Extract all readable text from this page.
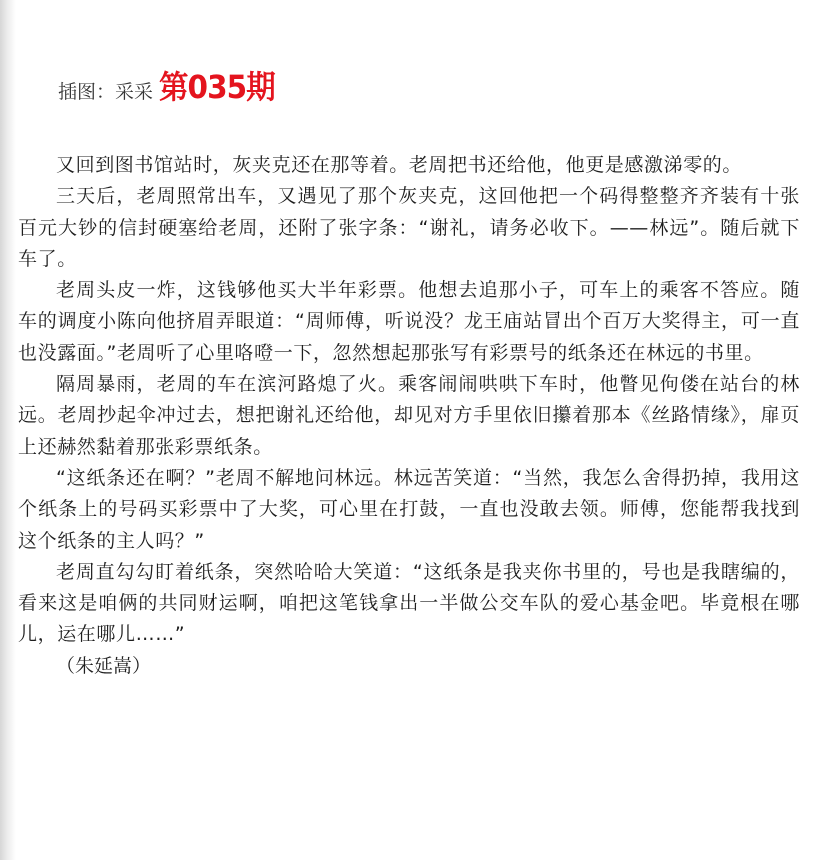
插图：采采 第035期

又回到图书馆站时，灰夹克还在那等着。老周把书还给他，他更是感激涕零的。

三天后，老周照常出车，又遇见了那个灰夹克，这回他把一个码得整整齐齐装有十张百元大钞的信封硬塞给老周，还附了张字条：“谢礼，请务必收下。——林远”。随后就下车了。

老周头皮一炸，这钱够他买大半年彩票。他想去追那小子，可车上的乘客不答应。随车的调度小陈向他挤眉弄眼道：“周师傅，听说没？龙王庙站冒出个百万大奖得主，可一直也没露面。”老周听了心里咯噔一下，忽然想起那张写有彩票号的纸条还在林远的书里。

隔周暴雨，老周的车在滨河路熄了火。乘客闹闹哄哄下车时，他瞥见佝偻在站台的林远。老周抄起伞冲过去，想把谢礼还给他，却见对方手里依旧攥着那本《丝路情缘》，扉页上还赫然黏着那张彩票纸条。

“这纸条还在啊？”老周不解地问林远。林远苦笑道：“当然，我怎么舍得扔掉，我用这个纸条上的号码买彩票中了大奖，可心里在打鼓，一直也没敢去领。师傅，您能帮我找到这个纸条的主人吗？”

老周直勾勾盯着纸条，突然哈哈大笑道：“这纸条是我夹你书里的，号也是我瞎编的，看来这是咱俩的共同财运啊，咱把这笔钱拿出一半做公交车队的爱心基金吧。毕竟根在哪儿，运在哪儿……”

（朱延嵩）
